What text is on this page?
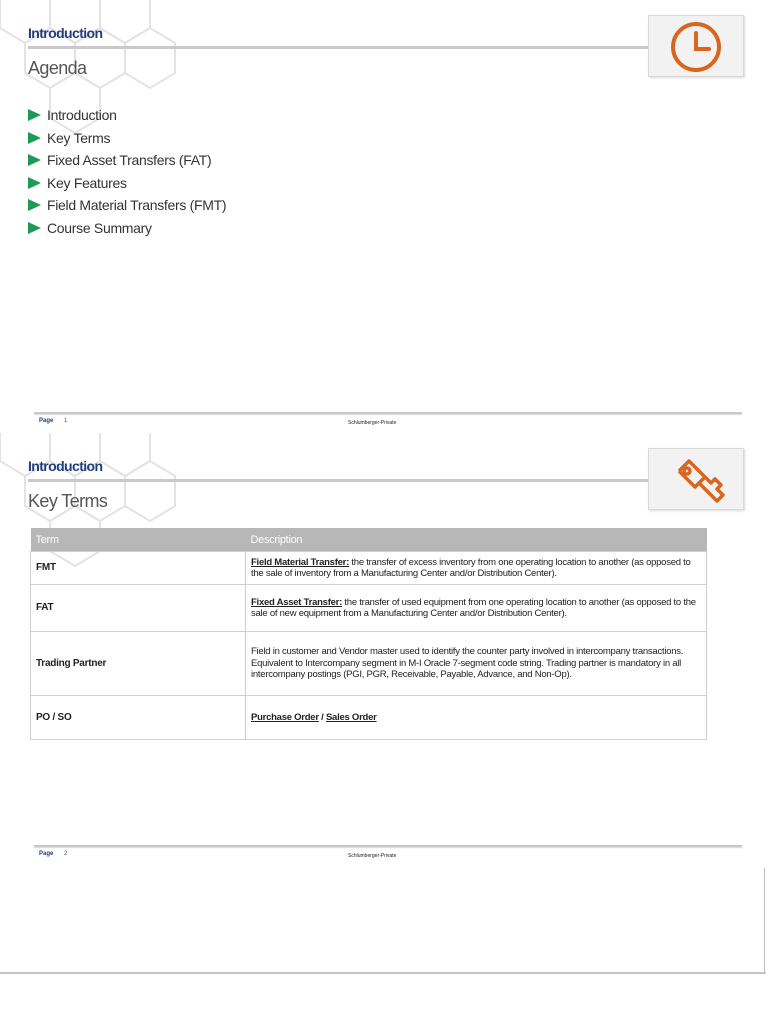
Introduction
Agenda
Introduction
Key Terms
Fixed Asset Transfers (FAT)
Key Features
Field Material Transfers (FMT)
Course Summary
Page 1	Schlumberger-Private
Introduction
Key Terms
Term	Description
FMT	Field Material Transfer: the transfer of excess inventory from one operating location to another (as opposed to the sale of inventory from a Manufacturing Center and/or Distribution Center).
FAT	Fixed Asset Transfer: the transfer of used equipment from one operating location to another (as opposed to the sale of new equipment from a Manufacturing Center and/or Distribution Center).
Trading Partner	Field in customer and Vendor master used to identify the counter party involved in intercompany transactions. Equivalent to Intercompany segment in M-I Oracle 7-segment code string. Trading partner is mandatory in all intercompany postings (PGI, PGR, Receivable, Payable, Advance, and Non-Op).
PO / SO	Purchase Order / Sales Order
Page 2	Schlumberger-Private
